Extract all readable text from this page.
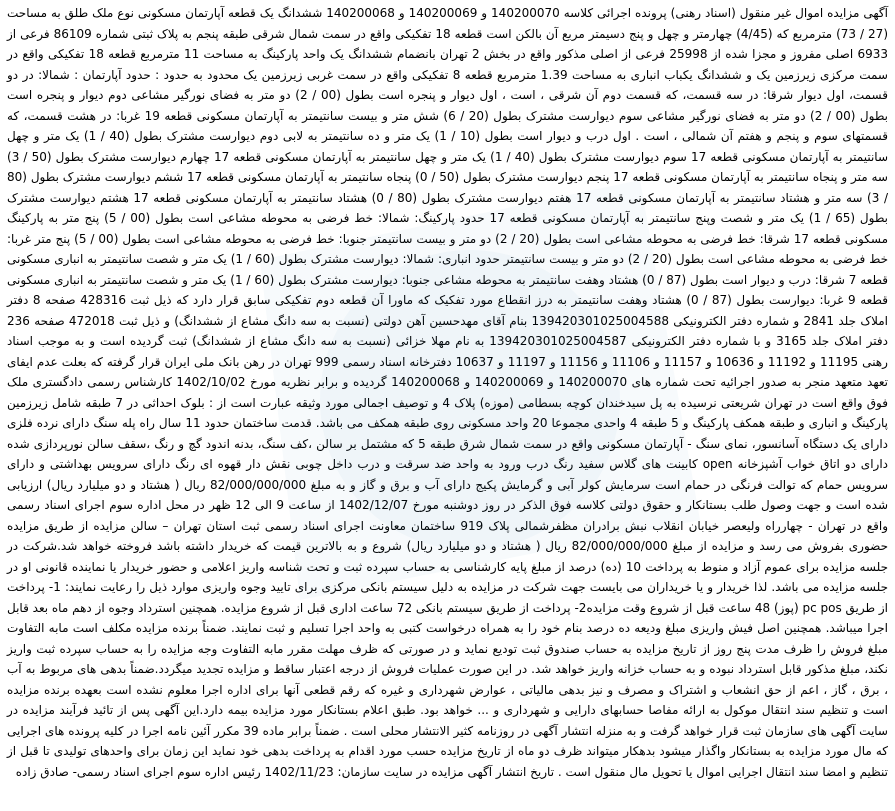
آگهی مزایده اموال غیر منقول (اسناد رهنی) پرونده اجرائی کلاسه 140200070 و 140200069 و 140200068 ششدانگ یک قطعه آپارتمان مسکونی نوع ملک طلق به مساحت (27 / 73) مترمربع که (4/45) چهارمتر و چهل و پنج دسیمتر مربع آن بالکن است قطعه 18 تفکیکی واقع در سمت شمال شرقی طبقه پنجم به پلاک ثبتی شماره 86109 فرعی از 6933 اصلی مفروز و مجزا شده از 25998 فرعی از اصلی مذکور واقع در بخش 2 تهران بانضمام ششدانگ یک واحد پارکینگ به مساحت 11 مترمربع قطعه 18 تفکیکی واقع در سمت مرکزی زیرزمین یک و ششدانگ یکباب انباری به مساحت 1.39 مترمربع قطعه 8 تفکیکی واقع در سمت غربی زیرزمین یک محدود به حدود : حدود آپارتمان : شمالا: در دو قسمت، اول دیوار شرقا: در سه قسمت، که قسمت دوم آن شرقی ، است ، اول دیوار و پنجره است بطول (00 / 2) دو متر به فضای نورگیر مشاعی دوم دیوار و پنجره است بطول (00 / 2) دو متر به فضای نورگیر مشاعی سوم دیوارست مشترک بطول (20 / 6) شش متر و بیست سانتیمتر به آپارتمان مسکونی قطعه 19 غربا: در هشت قسمت، که قسمتهای سوم و پنجم و هفتم آن شمالی ، است . اول درب و دیوار است بطول (10 / 1) یک متر و ده سانتیمتر به لابی دوم دیوارست مشترک بطول (40 / 1) یک متر و چهل سانتیمتر به آپارتمان مسکونی قطعه 17 سوم دیوارست مشترک بطول (40 / 1) یک متر و چهل سانتیمتر به آپارتمان مسکونی قطعه 17 چهارم دیوارست مشترک بطول (50 / 3) سه متر و پنجاه سانتیمتر به آپارتمان مسکونی قطعه 17 پنجم دیوارست مشترک بطول (50 / 0) پنجاه سانتیمتر به آپارتمان مسکونی قطعه 17 ششم دیوارست مشترک بطول (80 / 3) سه متر و هشتاد سانتیمتر به آپارتمان مسکونی قطعه 17 هفتم دیوارست مشترک بطول (80 / 0) هشتاد سانتیمتر به آپارتمان مسکونی قطعه 17 هشتم دیوارست مشترک بطول (65 / 1) یک متر و شصت وپنج سانتیمتر به آپارتمان مسکونی قطعه 17 حدود پارکینگ: شمالا: خط فرضی به محوطه مشاعی است بطول (00 / 5) پنج متر به پارکینگ مسکونی قطعه 17 شرقا: خط فرضی به محوطه مشاعی است بطول (20 / 2) دو متر و بیست سانتیمتر جنوبا: خط فرضی به محوطه مشاعی است بطول (00 / 5) پنج متر غربا: خط فرضی به محوطه مشاعی است بطول (20 / 2) دو متر و بیست سانتیمتر حدود انباری: شمالا: دیوارست مشترک بطول (60 / 1) یک متر و شصت سانتیمتر به انباری مسکونی قطعه 7 شرقا: درب و دیوار است بطول (87 / 0) هشتاد وهفت سانتیمتر به محوطه مشاعی جنوبا: دیوارست مشترک بطول (60 / 1) یک متر و شصت سانتیمتر به انباری مسکونی قطعه 9 غربا: دیوارست بطول (87 / 0) هشتاد وهفت سانتیمتر به درز انقطاع مورد تفکیک که ماورا آن قطعه دوم تفکیکی سابق قرار دارد که ذیل ثبت 428316 صفحه 8 دفتر املاک جلد 2841 و شماره دفتر الکترونیکی 139420301025004588 بنام آقای مهدحسین آهن دولتی (نسبت به سه دانگ مشاع از ششدانگ) و ذیل ثبت 472018 صفحه 236 دفتر املاک جلد 3165 و با شماره دفتر الکترونیکی 139420301025004587 به نام مهلا خزائی (نسبت به سه دانگ مشاع از ششدانگ) ثبت گردیده است و به موجب اسناد رهنی 11195 و 11192 و 10636 و 11157 و 11106 و 11156 و 11197 و 10637 دفترخانه اسناد رسمی 999 تهران در رهن بانک ملی ایران قرار گرفته که بعلت عدم ایفای تعهد متعهد منجر به صدور اجرائیه تحت شماره های 140200070 و 140200069 و 140200068 گردیده و برابر نظریه مورخ 1402/10/02 کارشناس رسمی دادگستری ملک فوق واقع است در تهران شریعتی نرسیده به پل سیدخندان کوچه بسطامی (موزه) پلاک 4 و توصیف اجمالی مورد وثیقه عبارت است از : بلوک احداثی در 7 طبقه شامل زیرزمین پارکینگ و انباری و طبقه همکف پارکینگ و 5 طبقه 4 واحدی مجموعا 20 واحد مسکونی روی طبقه همکف می باشد. قدمت ساختمان حدود 11 سال راه پله سنگ دارای نرده فلزی دارای یک دستگاه آسانسور، نمای سنگ - آپارتمان مسکونی واقع در سمت شمال شرق طبقه 5 که مشتمل بر سالن ،کف سنگ، بدنه اندود گچ و رنگ ،سقف سالن نورپردازی شده دارای دو اتاق خواب آشپزخانه open کابینت های گلاس سفید رنگ درب ورود به واحد ضد سرقت و درب داخل چوبی نقش دار قهوه ای رنگ دارای سرویس بهداشتی و دارای سرویس حمام که توالت فرنگی در حمام است سرمایش کولر آبی و گرمایش پکیج دارای آب و برق و گاز و به مبلغ 82/000/000/000 ریال ( هشتاد و دو میلیارد ریال) ارزیابی شده است و جهت وصول طلب بستانکار و حقوق دولتی کلاسه فوق الذکر در روز دوشنبه مورخ 1402/12/07 از ساعت 9 الی 12 ظهر در محل اداره سوم اجرای اسناد رسمی واقع در تهران - چهارراه ولیعصر خیابان انقلاب نبش برادران مظفرشمالی پلاک 919 ساختمان معاونت اجرای اسناد رسمی ثبت استان تهران – سالن مزایده از طریق مزایده حضوری بفروش می رسد و مزایده از مبلغ 82/000/000/000 ریال ( هشتاد و دو میلیارد ریال) شروع و به بالاترین قیمت که خریدار داشته باشد فروخته خواهد شد.شرکت در جلسه مزایده برای عموم آزاد و منوط به پرداخت 10 (ده) درصد از مبلغ پایه کارشناسی به حساب سپرده ثبت و تحت شناسه واریز اعلامی و حضور خریدار یا نماینده قانونی او در جلسه مزایده می باشد. لذا خریدار و یا خریداران می بایست جهت شرکت در مزایده به دلیل سیستم بانکی مرکزی برای تایید وجوه واریزی موارد ذیل را رعایت نمایند: 1- پرداخت از طریق pc pos (پوز) 48 ساعت قبل از شروع وقت مزایده2- پرداخت از طریق سیستم بانکی 72 ساعت اداری قبل از شروع مزایده. همچنین استرداد وجوه از دهم ماه بعد قابل اجرا میباشد. همچنین اصل فیش واریزی مبلغ ودیعه ده درصد بنام خود را به همراه درخواست کتبی به واحد اجرا تسلیم و ثبت نمایند. ضمناً برنده مزایده مکلف است مابه التفاوت مبلغ فروش را ظرف مدت پنج روز از تاریخ مزایده به حساب صندوق ثبت تودیع نماید و در صورتی که ظرف مهلت مقرر مابه التفاوت وجه مزایده را به حساب سپرده ثبت واریز نکند، مبلغ مذکور قابل استرداد نبوده و به حساب خزانه واریز خواهد شد. در این صورت عملیات فروش از درجه اعتبار ساقط و مزایده تجدید میگردد.ضمناً بدهی های مربوط به آب ، برق ، گاز ، اعم از حق انشعاب و اشتراک و مصرف و نیز بدهی مالیاتی ، عوارض شهرداری و غیره که رقم قطعی آنها برای اداره اجرا معلوم نشده است بعهده برنده مزایده است و تنظیم سند انتقال موکول به ارائه مفاصا حسابهای دارایی و شهرداری و ... خواهد بود. طبق اعلام بستانکار مورد مزایده بیمه دارد.این آگهی پس از تائید فرآیند مزایده در سایت آگهی های سازمان ثبت قرار خواهد گرفت و به منزله انتشار آگهی در روزنامه کثیر الانتشار محلی است . ضمناً برابر ماده 39 مکرر آئین نامه اجرا در کلیه پرونده های اجرایی که مال مورد مزایده به بستانکار واگذار میشود بدهکار میتواند ظرف دو ماه از تاریخ مزایده حسب مورد اقدام به پرداخت بدهی خود نماید این زمان برای واحدهای تولیدی تا قبل از تنظیم و امضا سند انتقال اجرایی اموال یا تحویل مال منقول است . تاریخ انتشار آگهی مزایده در سایت سازمان: 1402/11/23 رئیس اداره سوم اجرای اسناد رسمی- صادق زاده
